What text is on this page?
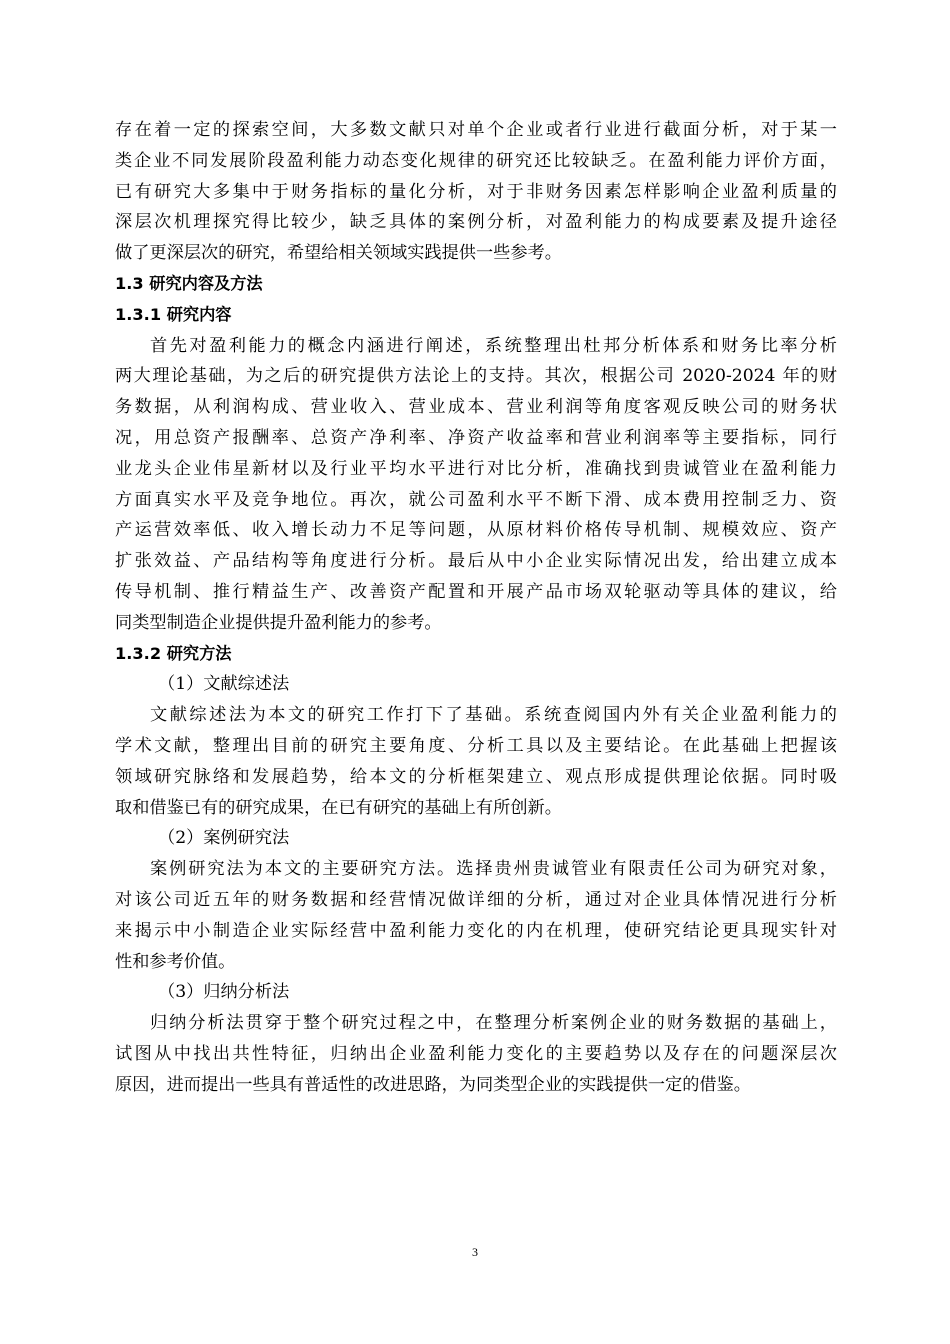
存在着一定的探索空间，大多数文献只对单个企业或者行业进行截面分析，对于某一
类企业不同发展阶段盈利能力动态变化规律的研究还比较缺乏。在盈利能力评价方面，
已有研究大多集中于财务指标的量化分析，对于非财务因素怎样影响企业盈利质量的
深层次机理探究得比较少，缺乏具体的案例分析，对盈利能力的构成要素及提升途径
做了更深层次的研究，希望给相关领域实践提供一些参考。
1.3 研究内容及方法
1.3.1 研究内容
首先对盈利能力的概念内涵进行阐述，系统整理出杜邦分析体系和财务比率分析
两大理论基础，为之后的研究提供方法论上的支持。其次，根据公司 2020-2024 年的财
务数据，从利润构成、营业收入、营业成本、营业利润等角度客观反映公司的财务状
况，用总资产报酬率、总资产净利率、净资产收益率和营业利润率等主要指标，同行
业龙头企业伟星新材以及行业平均水平进行对比分析，准确找到贵诚管业在盈利能力
方面真实水平及竞争地位。再次，就公司盈利水平不断下滑、成本费用控制乏力、资
产运营效率低、收入增长动力不足等问题，从原材料价格传导机制、规模效应、资产
扩张效益、产品结构等角度进行分析。最后从中小企业实际情况出发，给出建立成本
传导机制、推行精益生产、改善资产配置和开展产品市场双轮驱动等具体的建议，给
同类型制造企业提供提升盈利能力的参考。
1.3.2 研究方法
（1）文献综述法
文献综述法为本文的研究工作打下了基础。系统查阅国内外有关企业盈利能力的
学术文献，整理出目前的研究主要角度、分析工具以及主要结论。在此基础上把握该
领域研究脉络和发展趋势，给本文的分析框架建立、观点形成提供理论依据。同时吸
取和借鉴已有的研究成果，在已有研究的基础上有所创新。
（2）案例研究法
案例研究法为本文的主要研究方法。选择贵州贵诚管业有限责任公司为研究对象，
对该公司近五年的财务数据和经营情况做详细的分析，通过对企业具体情况进行分析
来揭示中小制造企业实际经营中盈利能力变化的内在机理，使研究结论更具现实针对
性和参考价值。
（3）归纳分析法
归纳分析法贯穿于整个研究过程之中，在整理分析案例企业的财务数据的基础上，
试图从中找出共性特征，归纳出企业盈利能力变化的主要趋势以及存在的问题深层次
原因，进而提出一些具有普适性的改进思路，为同类型企业的实践提供一定的借鉴。
3
